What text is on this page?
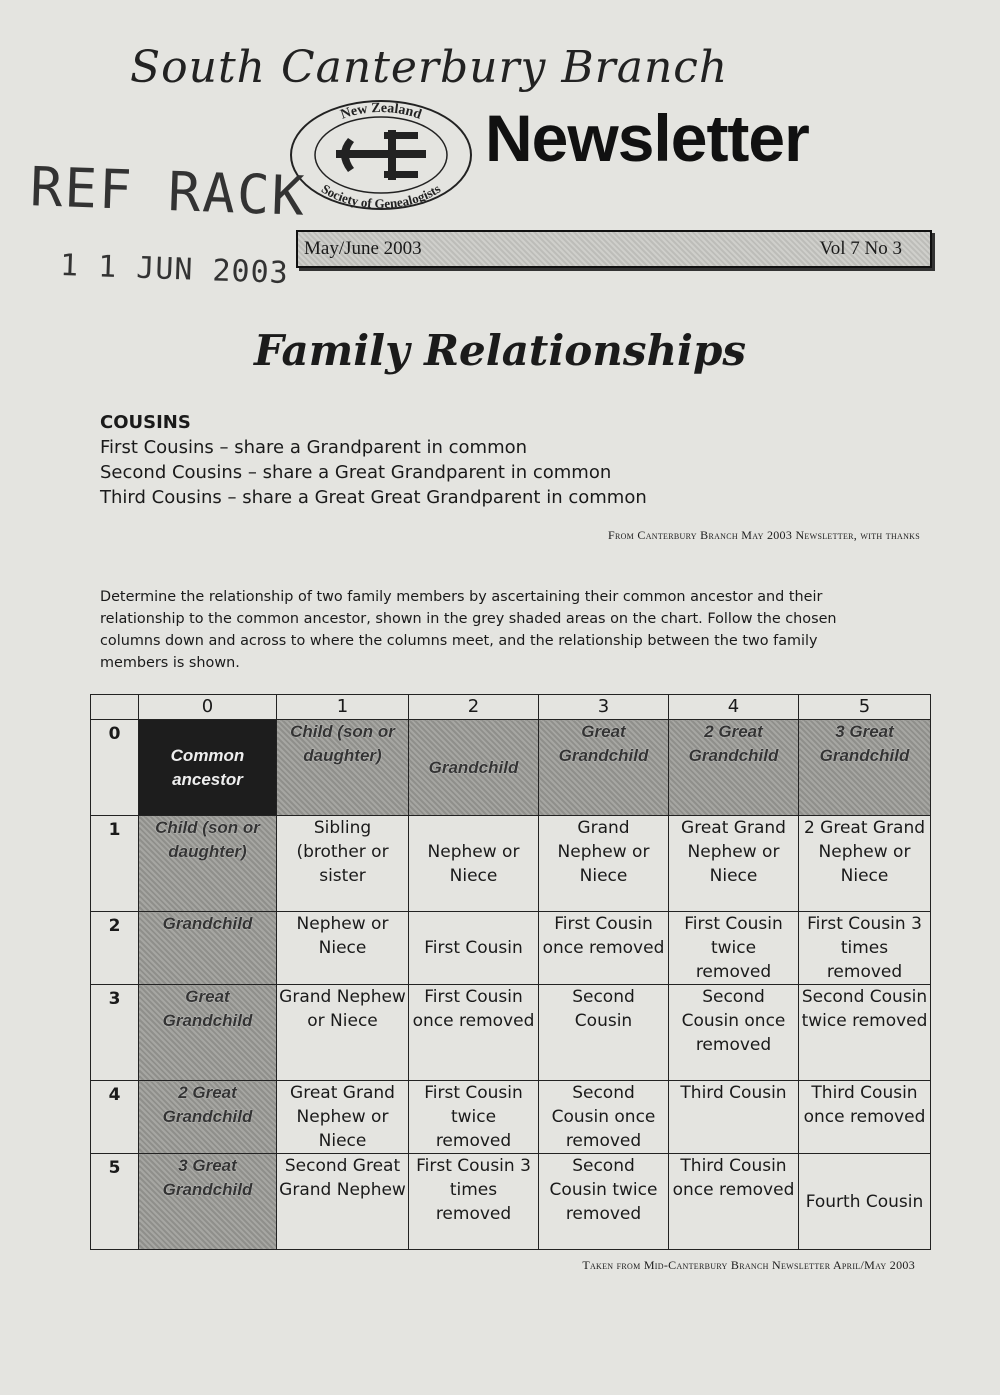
South Canterbury Branch
New Zealand
Society of Genealogists
Newsletter
REF RACK
1 1 JUN 2003 May/June 2003	Vol 7 No 3
Family Relationships
COUSINS
First Cousins – share a Grandparent in common
Second Cousins – share a Great Grandparent in common
Third Cousins – share a Great Great Grandparent in common
From Canterbury Branch May 2003 Newsletter, with thanks
Determine the relationship of two family members by ascertaining their common ancestor and their relationship to the common ancestor, shown in the grey shaded areas on the chart. Follow the chosen columns down and across to where the columns meet, and the relationship between the two family members is shown.
	0	1	2	3	4	5
0	Common ancestor	Child (son or daughter)	Grandchild	Great Grandchild	2 Great Grandchild	3 Great Grandchild
1	Child (son or daughter)	Sibling (brother or sister	Nephew or Niece	Grand Nephew or Niece	Great Grand Nephew or Niece	2 Great Grand Nephew or Niece
2	Grandchild	Nephew or Niece	First Cousin	First Cousin once removed	First Cousin twice removed	First Cousin 3 times removed
3	Great Grandchild	Grand Nephew or Niece	First Cousin once removed	Second Cousin	Second Cousin once removed	Second Cousin twice removed
4	2 Great Grandchild	Great Grand Nephew or Niece	First Cousin twice removed	Second Cousin once removed	Third Cousin	Third Cousin once removed
5	3 Great Grandchild	Second Great Grand Nephew	First Cousin 3 times removed	Second Cousin twice removed	Third Cousin once removed	Fourth Cousin
Taken from Mid-Canterbury Branch Newsletter April/May 2003
